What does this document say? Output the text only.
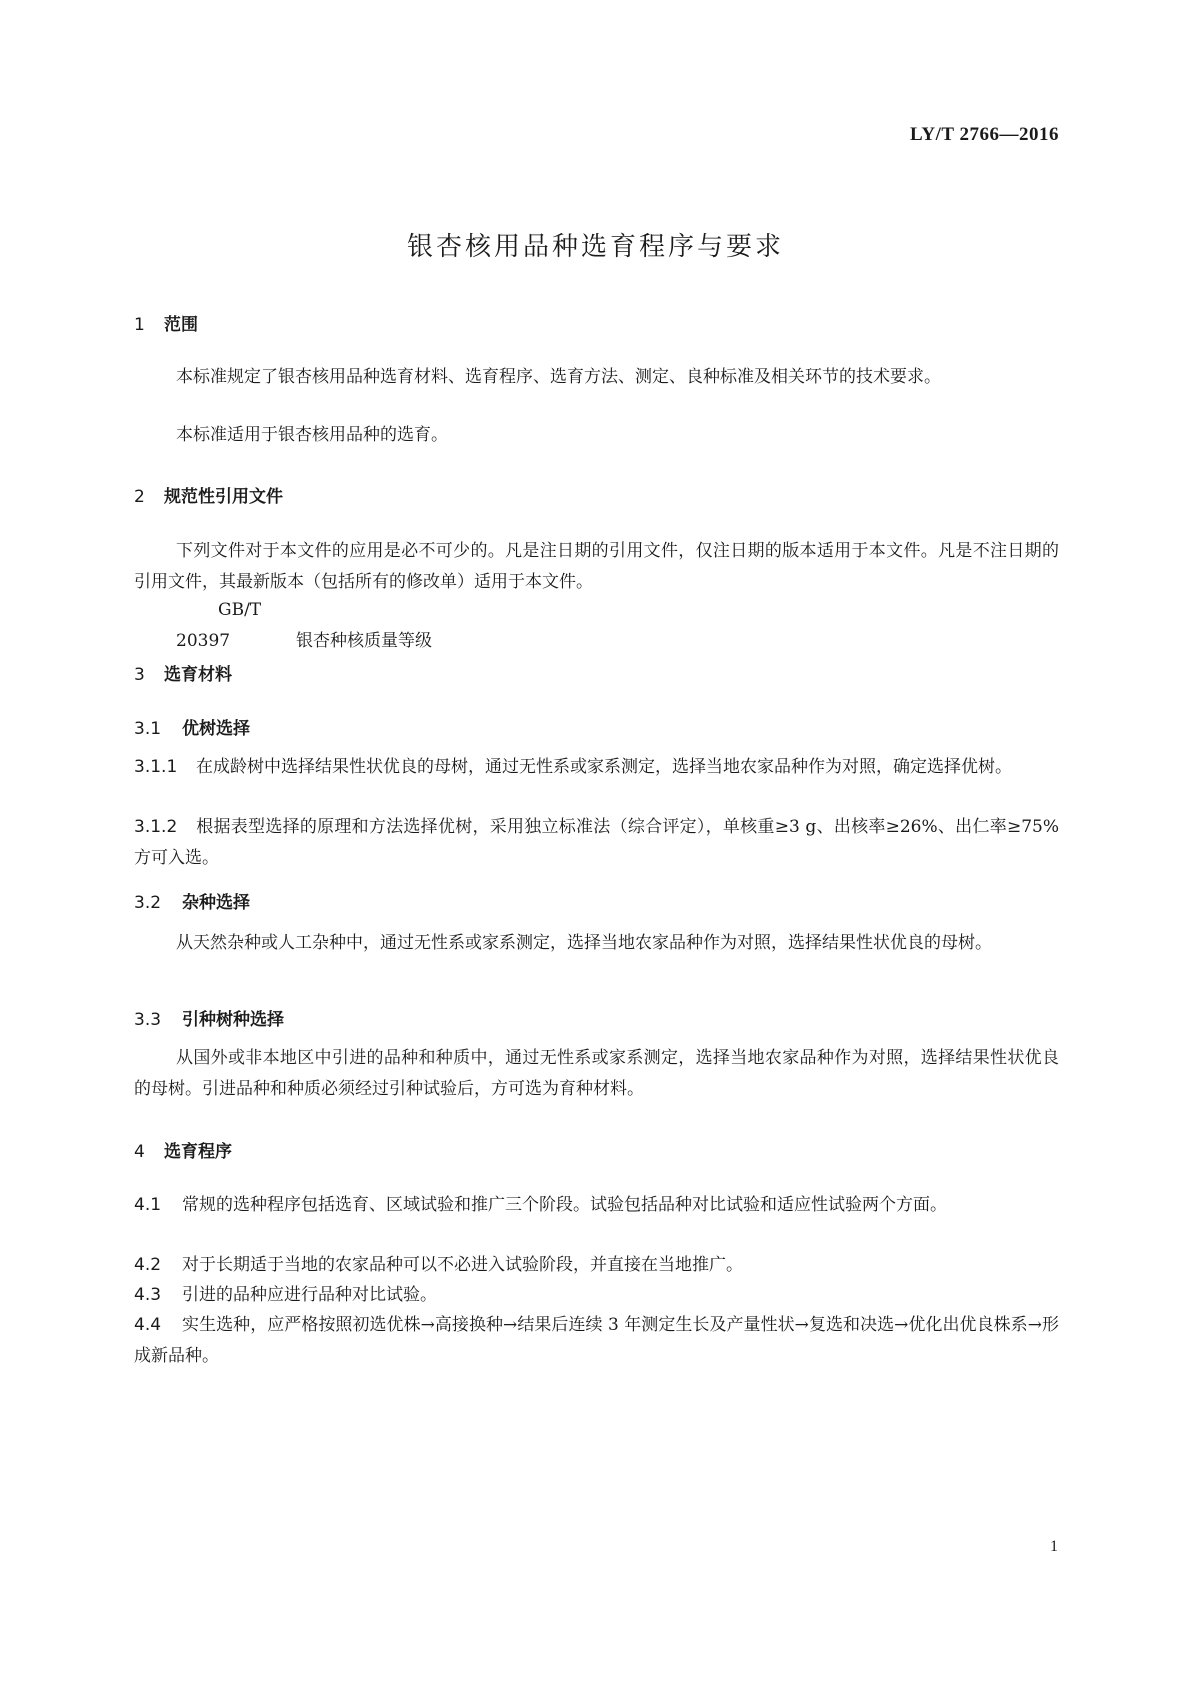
LY/T 2766—2016
银杏核用品种选育程序与要求
1 范围
本标准规定了银杏核用品种选育材料、选育程序、选育方法、测定、良种标准及相关环节的技术要求。
本标准适用于银杏核用品种的选育。
2 规范性引用文件
下列文件对于本文件的应用是必不可少的。凡是注日期的引用文件，仅注日期的版本适用于本文件。凡是不注日期的引用文件，其最新版本（包括所有的修改单）适用于本文件。
GB/T 20397	银杏种核质量等级
3 选育材料
3.1 优树选择
3.1.1 在成龄树中选择结果性状优良的母树，通过无性系或家系测定，选择当地农家品种作为对照，确定选择优树。
3.1.2 根据表型选择的原理和方法选择优树，采用独立标准法（综合评定），单核重≥3 g、出核率≥26%、出仁率≥75%方可入选。
3.2 杂种选择
从天然杂种或人工杂种中，通过无性系或家系测定，选择当地农家品种作为对照，选择结果性状优良的母树。
3.3 引种树种选择
从国外或非本地区中引进的品种和种质中，通过无性系或家系测定，选择当地农家品种作为对照，选择结果性状优良的母树。引进品种和种质必须经过引种试验后，方可选为育种材料。
4 选育程序
4.1 常规的选种程序包括选育、区域试验和推广三个阶段。试验包括品种对比试验和适应性试验两个方面。
4.2 对于长期适于当地的农家品种可以不必进入试验阶段，并直接在当地推广。
4.3 引进的品种应进行品种对比试验。
4.4 实生选种，应严格按照初选优株→高接换种→结果后连续 3 年测定生长及产量性状→复选和决选→优化出优良株系→形成新品种。
1
